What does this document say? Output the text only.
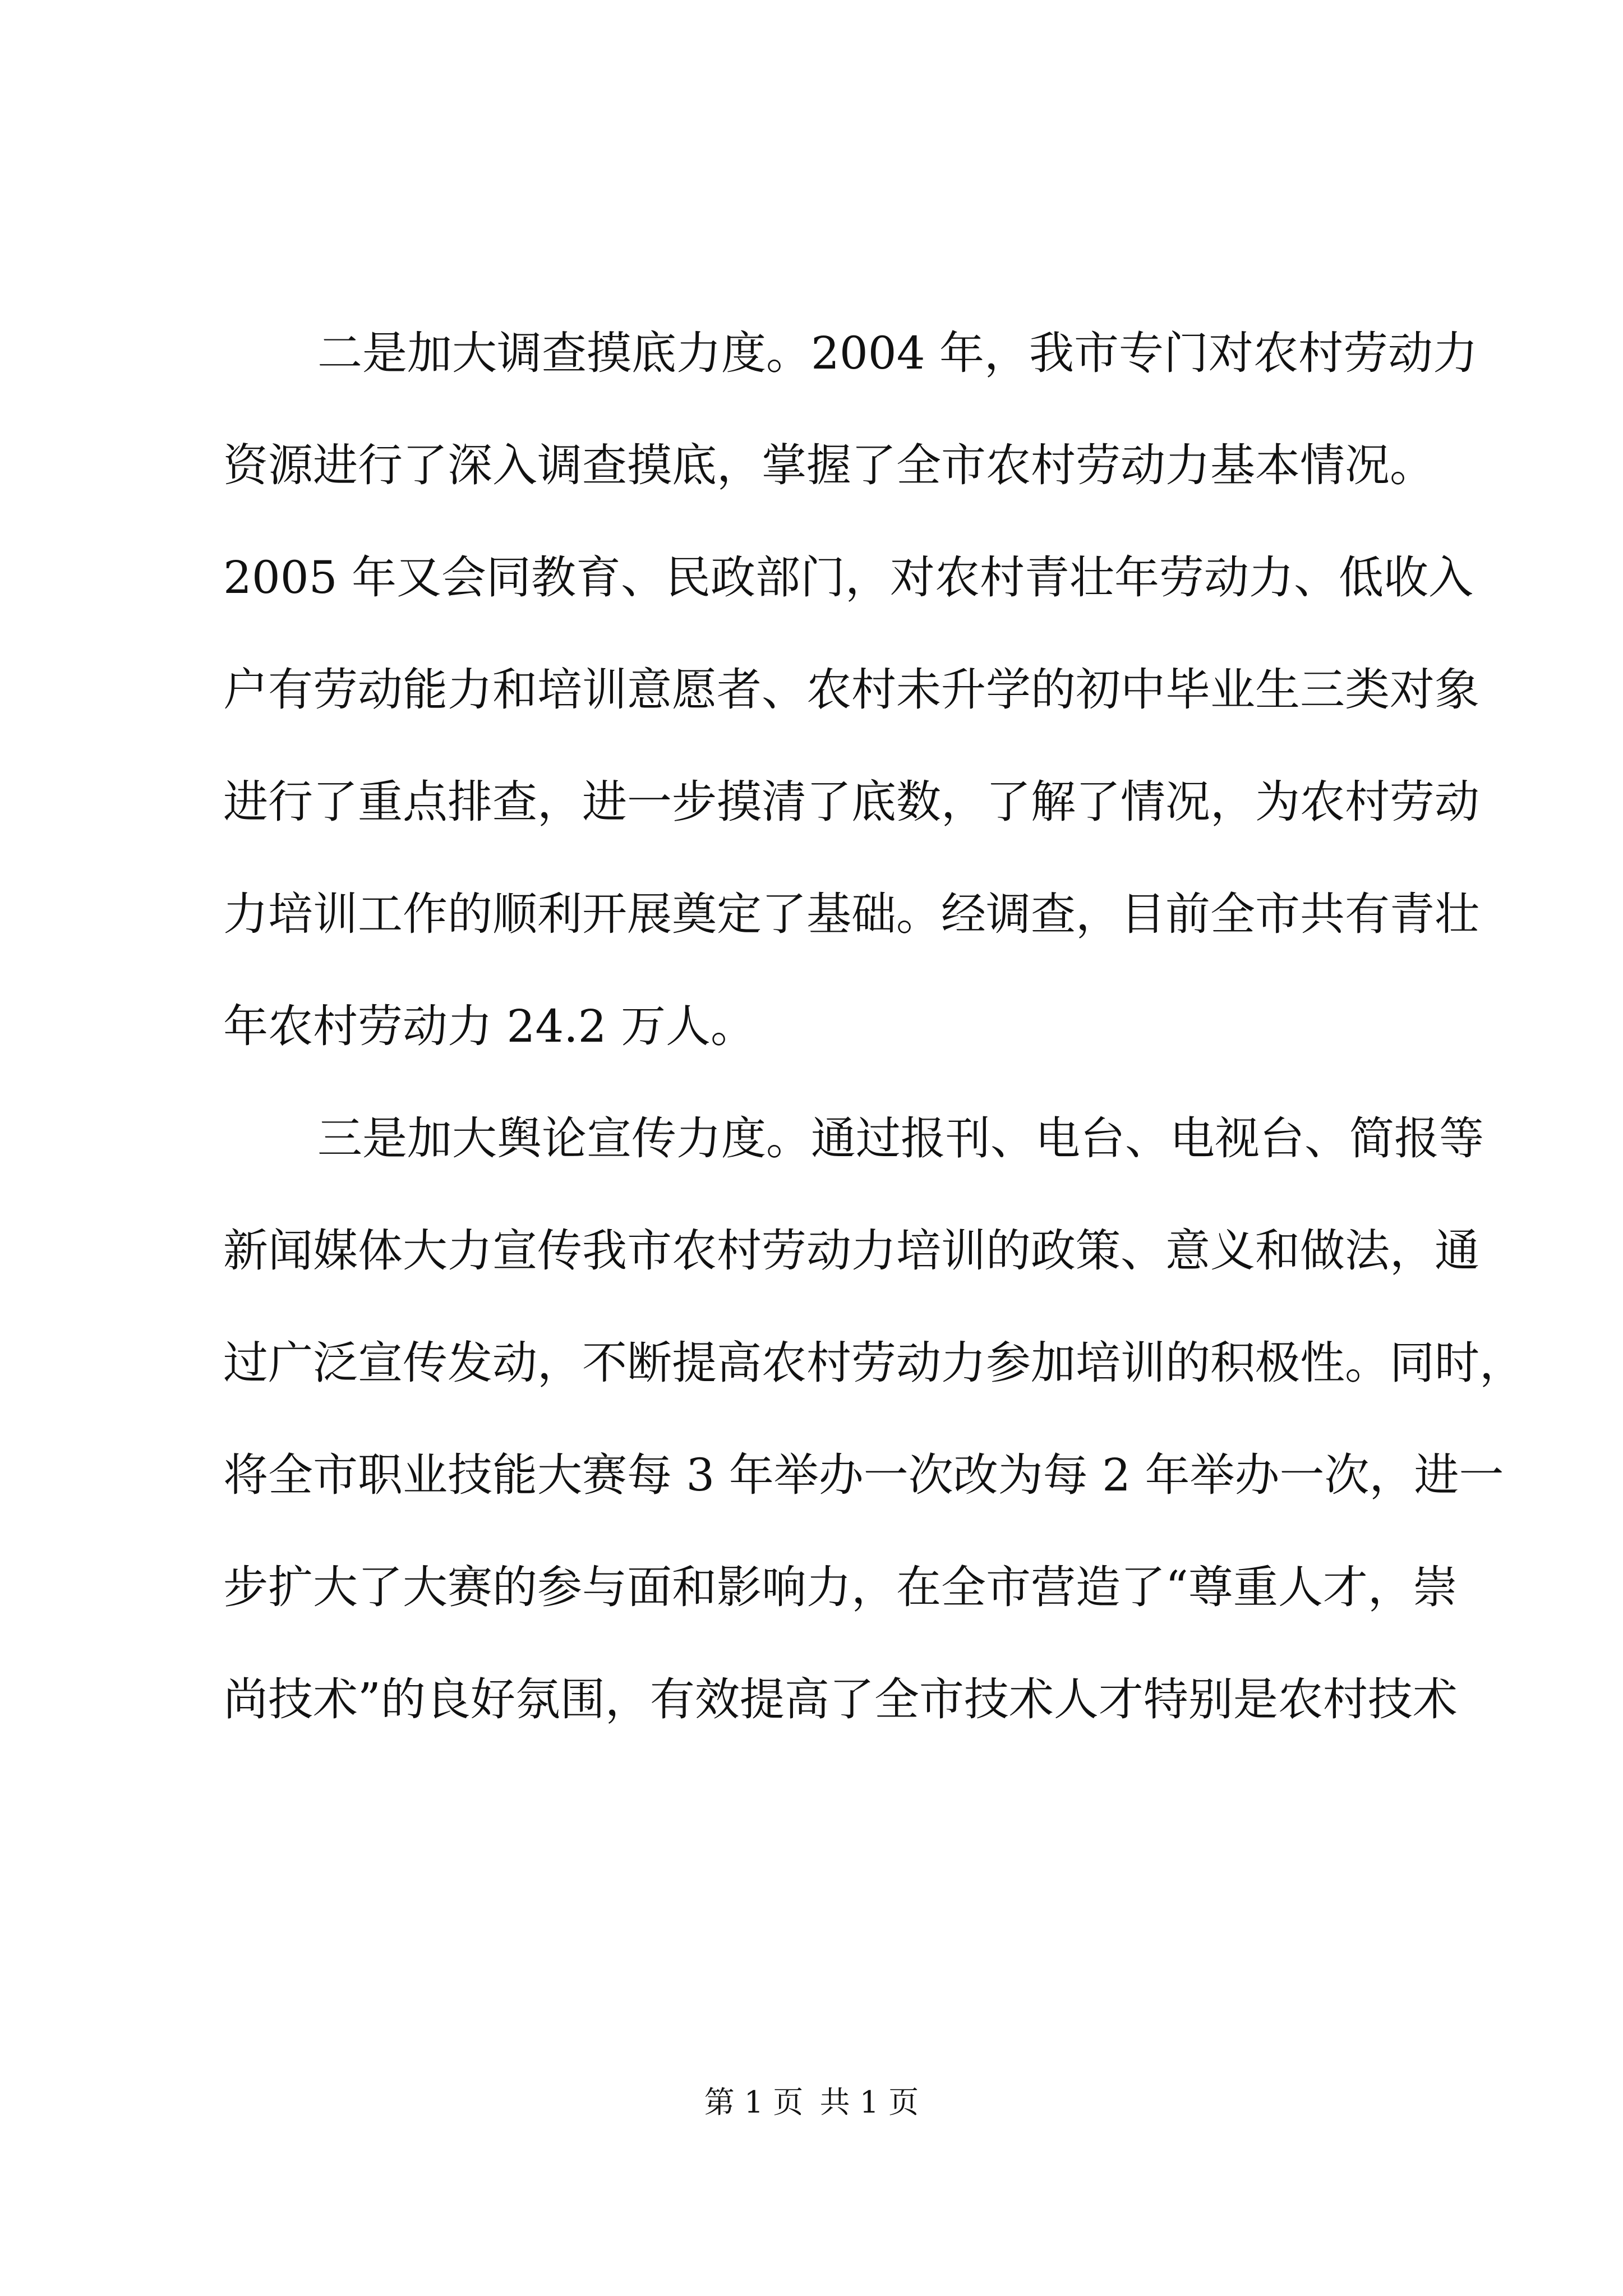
二是加大调查摸底力度。2004 年，我市专门对农村劳动力
资源进行了深入调查摸底，掌握了全市农村劳动力基本情况。
2005 年又会同教育、民政部门，对农村青壮年劳动力、低收入
户有劳动能力和培训意愿者、农村未升学的初中毕业生三类对象
进行了重点排查，进一步摸清了底数，了解了情况，为农村劳动
力培训工作的顺利开展奠定了基础。经调查，目前全市共有青壮
年农村劳动力 24.2 万人。
三是加大舆论宣传力度。通过报刊、电台、电视台、简报等
新闻媒体大力宣传我市农村劳动力培训的政策、意义和做法，通
过广泛宣传发动，不断提高农村劳动力参加培训的积极性。同时，
将全市职业技能大赛每 3 年举办一次改为每 2 年举办一次，进一
步扩大了大赛的参与面和影响力，在全市营造了“尊重人才，崇
尚技术”的良好氛围，有效提高了全市技术人才特别是农村技术
第 1 页 共 1 页
